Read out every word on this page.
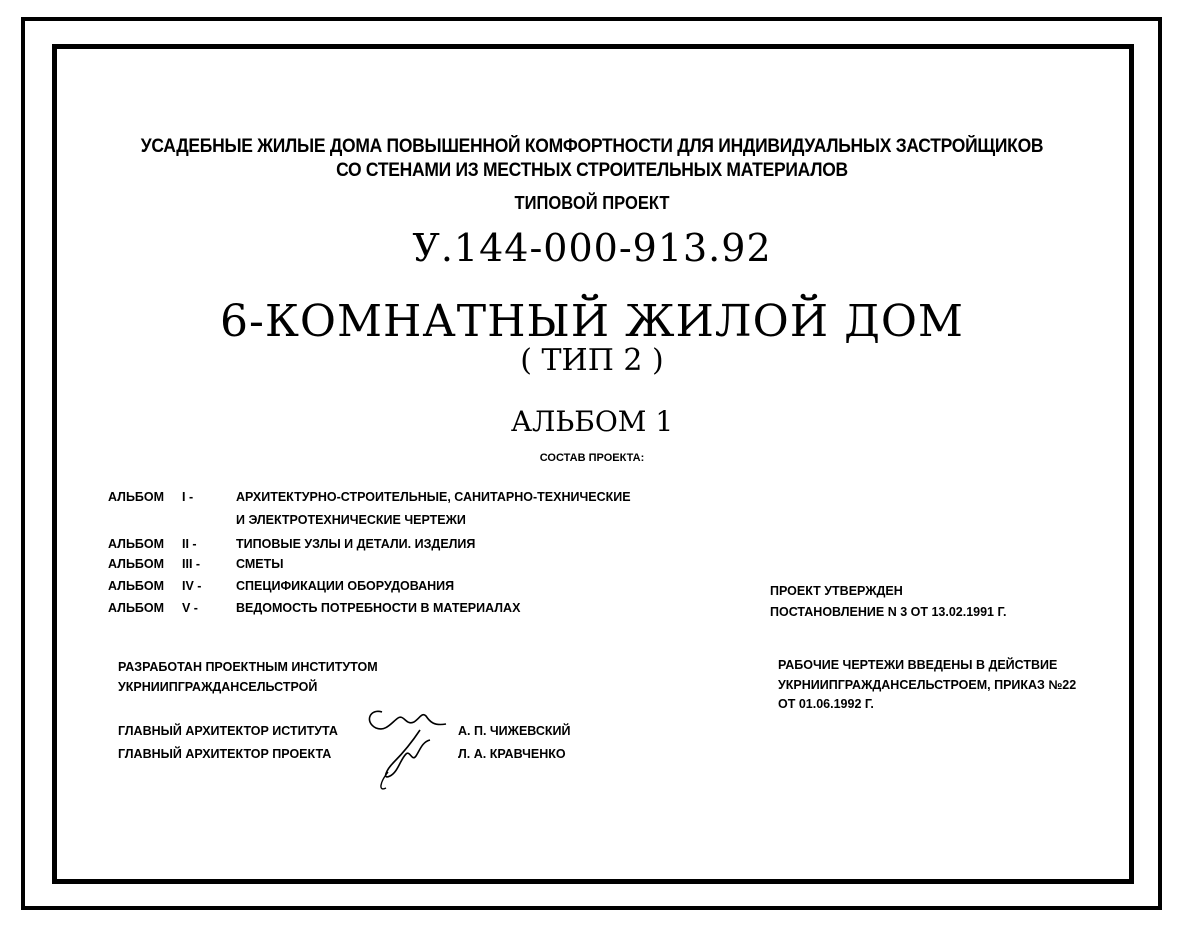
УСАДЕБНЫЕ ЖИЛЫЕ ДОМА ПОВЫШЕННОЙ КОМФОРТНОСТИ ДЛЯ ИНДИВИДУАЛЬНЫХ ЗАСТРОЙЩИКОВ
СО СТЕНАМИ ИЗ МЕСТНЫХ СТРОИТЕЛЬНЫХ МАТЕРИАЛОВ
ТИПОВОЙ ПРОЕКТ
У.144-000-913.92
6-КОМНАТНЫЙ ЖИЛОЙ ДОМ
( ТИП 2 )
АЛЬБОМ 1
СОСТАВ ПРОЕКТА:
АЛЬБОМ I -	АРХИТЕКТУРНО-СТРОИТЕЛЬНЫЕ, САНИТАРНО-ТЕХНИЧЕСКИЕ
И ЭЛЕКТРОТЕХНИЧЕСКИЕ ЧЕРТЕЖИ
АЛЬБОМ II -	ТИПОВЫЕ УЗЛЫ И ДЕТАЛИ. ИЗДЕЛИЯ
АЛЬБОМ III -	СМЕТЫ
АЛЬБОМ IV -	СПЕЦИФИКАЦИИ ОБОРУДОВАНИЯ
АЛЬБОМ V -	ВЕДОМОСТЬ ПОТРЕБНОСТИ В МАТЕРИАЛАХ
ПРОЕКТ УТВЕРЖДЕН
ПОСТАНОВЛЕНИЕ N 3 ОТ 13.02.1991 Г.
РАЗРАБОТАН ПРОЕКТНЫМ ИНСТИТУТОМ
УКРНИИПГРАЖДАНСЕЛЬСТРОЙ
РАБОЧИЕ ЧЕРТЕЖИ ВВЕДЕНЫ В ДЕЙСТВИЕ
УКРНИИПГРАЖДАНСЕЛЬСТРОЕМ, ПРИКАЗ №22
ОТ 01.06.1992 Г.
ГЛАВНЫЙ АРХИТЕКТОР ИСТИТУТА	А. П. ЧИЖЕВСКИЙ
ГЛАВНЫЙ АРХИТЕКТОР ПРОЕКТА	Л. А. КРАВЧЕНКО
